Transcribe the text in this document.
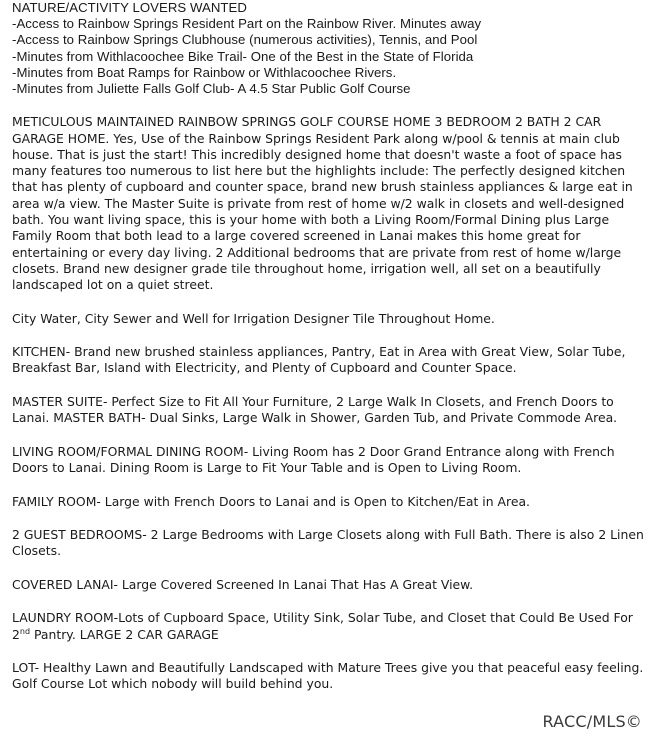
NATURE/ACTIVITY LOVERS WANTED
-Access to Rainbow Springs Resident Part on the Rainbow River. Minutes away
-Access to Rainbow Springs Clubhouse (numerous activities), Tennis, and Pool
-Minutes from Withlacoochee Bike Trail- One of the Best in the State of Florida
-Minutes from Boat Ramps for Rainbow or Withlacoochee Rivers.
-Minutes from Juliette Falls Golf Club- A 4.5 Star Public Golf Course

METICULOUS MAINTAINED RAINBOW SPRINGS GOLF COURSE HOME 3 BEDROOM 2 BATH 2 CAR GARAGE HOME. Yes, Use of the Rainbow Springs Resident Park along w/pool & tennis at main club house. That is just the start! This incredibly designed home that doesn't waste a foot of space has many features too numerous to list here but the highlights include: The perfectly designed kitchen that has plenty of cupboard and counter space, brand new brush stainless appliances & large eat in area w/a view. The Master Suite is private from rest of home w/2 walk in closets and well-designed bath. You want living space, this is your home with both a Living Room/Formal Dining plus Large Family Room that both lead to a large covered screened in Lanai makes this home great for entertaining or every day living. 2 Additional bedrooms that are private from rest of home w/large closets. Brand new designer grade tile throughout home, irrigation well, all set on a beautifully landscaped lot on a quiet street.

City Water, City Sewer and Well for Irrigation Designer Tile Throughout Home.

KITCHEN- Brand new brushed stainless appliances, Pantry, Eat in Area with Great View, Solar Tube, Breakfast Bar, Island with Electricity, and Plenty of Cupboard and Counter Space.

MASTER SUITE- Perfect Size to Fit All Your Furniture, 2 Large Walk In Closets, and French Doors to Lanai. MASTER BATH- Dual Sinks, Large Walk in Shower, Garden Tub, and Private Commode Area.

LIVING ROOM/FORMAL DINING ROOM- Living Room has 2 Door Grand Entrance along with French Doors to Lanai. Dining Room is Large to Fit Your Table and is Open to Living Room.

FAMILY ROOM- Large with French Doors to Lanai and is Open to Kitchen/Eat in Area.

2 GUEST BEDROOMS- 2 Large Bedrooms with Large Closets along with Full Bath. There is also 2 Linen Closets.

COVERED LANAI- Large Covered Screened In Lanai That Has A Great View.

LAUNDRY ROOM-Lots of Cupboard Space, Utility Sink, Solar Tube, and Closet that Could Be Used For 2nd Pantry. LARGE 2 CAR GARAGE

LOT- Healthy Lawn and Beautifully Landscaped with Mature Trees give you that peaceful easy feeling. Golf Course Lot which nobody will build behind you.

RACC/MLS©
